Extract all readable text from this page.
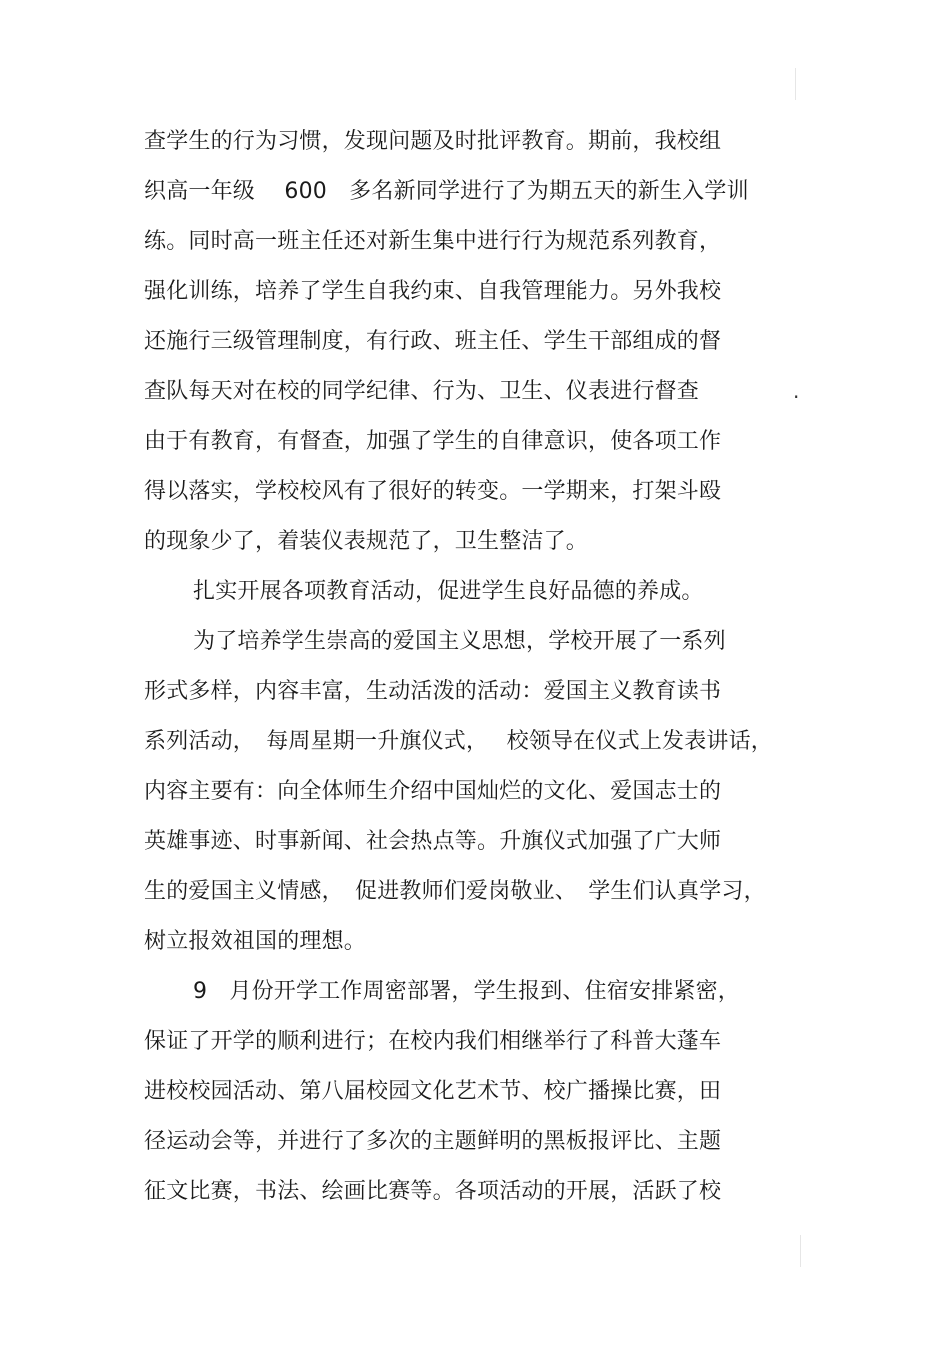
查学生的行为习惯，发现问题及时批评教育。期前，我校组
织高一年级　 600　多名新同学进行了为期五天的新生入学训
练。同时高一班主任还对新生集中进行行为规范系列教育，
强化训练，培养了学生自我约束、自我管理能力。另外我校
还施行三级管理制度，有行政、班主任、学生干部组成的督
查队每天对在校的同学纪律、行为、卫生、仪表进行督查	.
由于有教育，有督查，加强了学生的自律意识，使各项工作
得以落实，学校校风有了很好的转变。一学期来，打架斗殴
的现象少了，着装仪表规范了，卫生整洁了。
扎实开展各项教育活动，促进学生良好品德的养成。
为了培养学生崇高的爱国主义思想，学校开展了一系列
形式多样，内容丰富，生动活泼的活动：爱国主义教育读书
系列活动，　每周星期一升旗仪式，　 校领导在仪式上发表讲话，
内容主要有：向全体师生介绍中国灿烂的文化、爱国志士的
英雄事迹、时事新闻、社会热点等。升旗仪式加强了广大师
生的爱国主义情感，　促进教师们爱岗敬业、　学生们认真学习，
树立报效祖国的理想。
9　月份开学工作周密部署，学生报到、住宿安排紧密，
保证了开学的顺利进行；在校内我们相继举行了科普大蓬车
进校校园活动、第八届校园文化艺术节、校广播操比赛，田
径运动会等，并进行了多次的主题鲜明的黑板报评比、主题
征文比赛，书法、绘画比赛等。各项活动的开展，活跃了校
